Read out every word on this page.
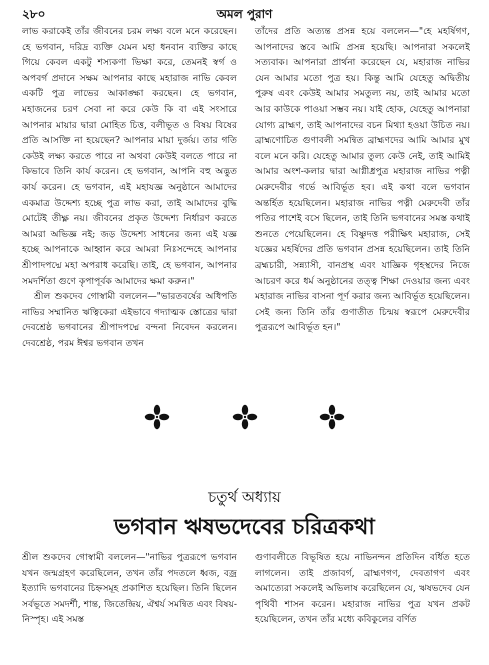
২৮০	অমল পুরাণ

লাভ করাকেই তাঁর জীবনের চরম লক্ষ্য বলে মনে করেছেন। হে ভগবান, দরিদ্র ব্যক্তি যেমন মহা ধনবান ব্যক্তির কাছে গিয়ে কেবল একটু শস্যকণা ভিক্ষা করে, তেমনই স্বর্গ ও অপবর্গ প্রদানে সক্ষম আপনার কাছে মহারাজ নাভি কেবল একটি পুত্র লাভের আকাঙ্ক্ষা করছেন। হে ভগবান, মহাজনের চরণ সেবা না করে কেউ কি বা এই সংসারে আপনার মায়ার দ্বারা মোহিত চিত্ত, বলীভূত ও বিষয় বিষের প্রতি আসক্তি না হয়েছেন? আপনার মায়া দুর্জয়। তার গতি কেউই লক্ষ্য করতে পারে না অথবা কেউই বলতে পারে না কিভাবে তিনি কার্য করেন। হে ভগবান, আপনি বহু অদ্ভুত কার্য করেন। হে ভগবান, এই মহাযজ্ঞ অনুষ্ঠানে আমাদের একমাত্র উদ্দেশ্য হচ্ছে পুত্র লাভ করা, তাই আমাদের বুদ্ধি মোটেই তীক্ষ্ণ নয়। জীবনের প্রকৃত উদ্দেশ্য নির্ধারণ করতে আমরা অভিজ্ঞ নই; জড় উদ্দেশ্য সাধনের জন্য এই যজ্ঞ হচ্ছে আপনাকে আহ্বান করে আমরা নিঃসন্দেহে আপনার শ্রীপাদপদ্মে মহা অপরাধ করেছি। তাই, হে ভগবান, আপনার সমদর্শিতা গুণে কৃপাপূর্বক আমাদের ক্ষমা করুন।"

শ্রীল শুকদেব গোস্বামী বললেন—"ভারতবর্ষের অধিপতি নাভির সম্মানিত ঋত্বিকেরা এইভাবে গদ্যাত্মক স্তোত্রের দ্বারা দেবশ্রেষ্ঠ ভগবানের শ্রীপাদপদ্মে বন্দনা নিবেদন করলেন। দেবশ্রেষ্ঠ, পরম ঈশ্বর ভগবান তখন

তাঁদের প্রতি অত্যন্ত প্রসন্ন হয়ে বললেন—"হে মহর্ষিগণ, আপনাদের স্তবে আমি প্রসন্ন হয়েছি। আপনারা সকলেই সত্যবাক। আপনারা প্রার্থনা করেছেন যে, মহারাজ নাভির যেন আমার মতো পুত্র হয়। কিন্তু আমি যেহেতু অদ্বিতীয় পুরুষ এবং কেউই আমার সমতুল্য নয়, তাই আমার মতো আর কাউকে পাওয়া সম্ভব নয়। যাই হোক, যেহেতু আপনারা যোগ্য ব্রাহ্মণ, তাই আপনাদের বচন মিথ্যা হওয়া উচিত নয়। ব্রাহ্মণোচিত গুণাবলী সমন্বিত ব্রাহ্মণদের আমি আমার মুখ বলে মনে করি। যেহেতু আমার তুল্য কেউ নেই, তাই আমিই আমার অংশ-কলার দ্বারা আগ্নীধ্রপুত্র মহারাজ নাভির পত্নী মেরুদেবীর গর্ভে আবির্ভূত হব। এই কথা বলে ভগবান অন্তর্হিত হয়েছিলেন। মহারাজ নাভির পত্নী মেরুদেবী তাঁর পতির পাশেই বসে ছিলেন, তাই তিনি ভগবানের সমস্ত কথাই শুনতে পেয়েছিলেন। হে বিষ্ণুদত্ত পরীক্ষিৎ মহারাজ, সেই যজ্ঞের মহর্ষিদের প্রতি ভগবান প্রসন্ন হয়েছিলেন। তাই তিনি ব্রহ্মচারী, সন্ন্যাসী, বানপ্রস্থ এবং যাজ্ঞিক গৃহস্থদের নিজে আচরণ করে ধর্ম অনুষ্ঠানের তত্ত্ব শিক্ষা দেওয়ার জন্য এবং মহারাজ নাভির বাসনা পূর্ণ করার জন্য আবির্ভূত হয়েছিলেন। সেই জন্য তিনি তাঁর গুণাতীত চিন্ময় স্বরূপে মেরুদেবীর পুত্ররূপে আবির্ভূত হন।"

চতুর্থ অধ্যায়
ভগবান ঋষভদেবের চরিত্রকথা

শ্রীল শুকদেব গোস্বামী বললেন—"নাভির পুত্ররূপে ভগবান যখন জন্মগ্রহণ করেছিলেন, তখন তাঁর পদতলে ধ্বজ, বজ্র ইত্যাদি ভগবানের চিহ্নসমূহ প্রকাশিত হয়েছিল। তিনি ছিলেন সর্বভূতে সমদর্শী, শান্ত, জিতেন্দ্রিয়, ঐশ্বর্য সমন্বিত এবং বিষয়-নিস্পৃহ। এই সমস্ত

গুণাবলীতে বিভূষিত হয়ে নাভিনন্দন প্রতিদিন বর্ধিত হতে লাগলেন। তাই প্রজাবর্গ, ব্রাহ্মণগণ, দেবতাগণ এবং অমাত্যেরা সকলেই অভিলাষ করেছিলেন যে, ঋষভদেব যেন পৃথিবী শাসন করেন। মহারাজ নাভির পুত্র যখন প্রকট হয়েছিলেন, তখন তাঁর মধ্যে কবিকুলের বর্ণিত
